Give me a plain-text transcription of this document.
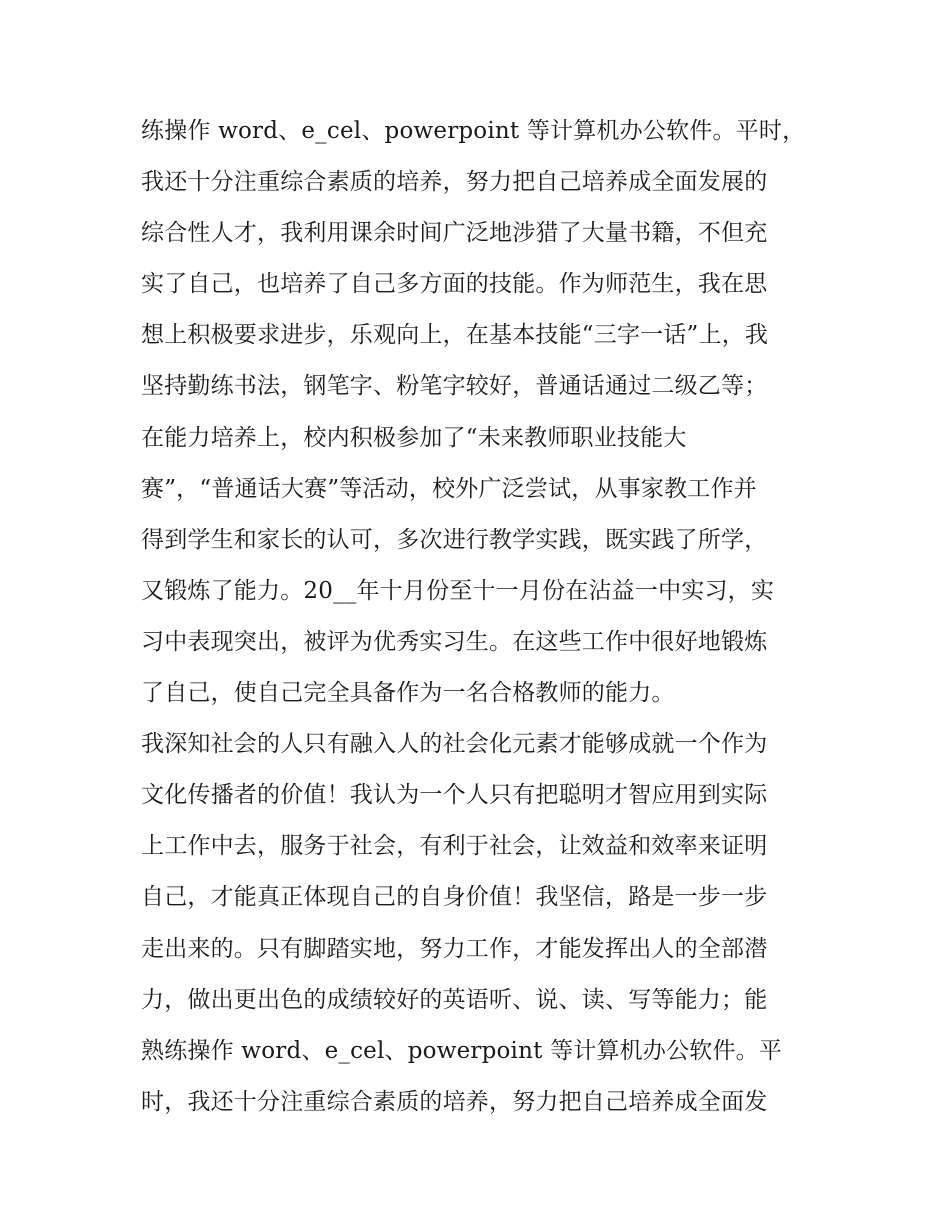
练操作 word、e_cel、powerpoint 等计算机办公软件。平时，
我还十分注重综合素质的培养，努力把自己培养成全面发展的
综合性人才，我利用课余时间广泛地涉猎了大量书籍，不但充
实了自己，也培养了自己多方面的技能。作为师范生，我在思
想上积极要求进步，乐观向上，在基本技能“三字一话”上，我
坚持勤练书法，钢笔字、粉笔字较好，普通话通过二级乙等；
在能力培养上，校内积极参加了“未来教师职业技能大
赛”，“普通话大赛”等活动，校外广泛尝试，从事家教工作并
得到学生和家长的认可，多次进行教学实践，既实践了所学，
又锻炼了能力。20__年十月份至十一月份在沾益一中实习，实
习中表现突出，被评为优秀实习生。在这些工作中很好地锻炼
了自己，使自己完全具备作为一名合格教师的能力。
我深知社会的人只有融入人的社会化元素才能够成就一个作为
文化传播者的价值！我认为一个人只有把聪明才智应用到实际
上工作中去，服务于社会，有利于社会，让效益和效率来证明
自己，才能真正体现自己的自身价值！我坚信，路是一步一步
走出来的。只有脚踏实地，努力工作，才能发挥出人的全部潜
力，做出更出色的成绩较好的英语听、说、读、写等能力；能
熟练操作 word、e_cel、powerpoint 等计算机办公软件。平
时，我还十分注重综合素质的培养，努力把自己培养成全面发
